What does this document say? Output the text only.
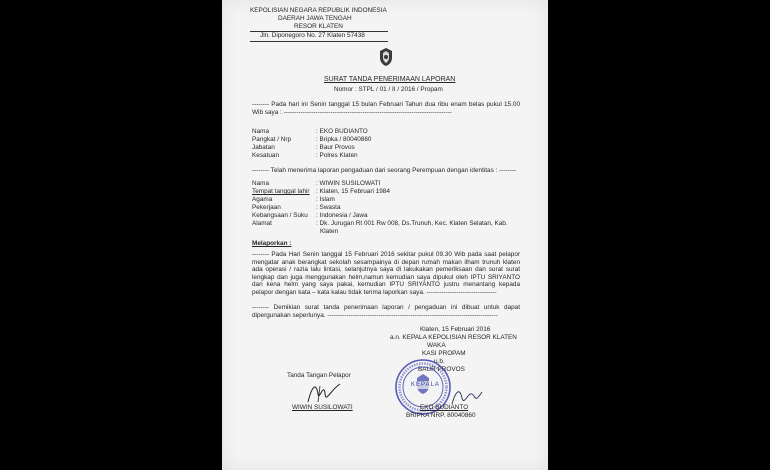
KEPOLISIAN NEGARA REPUBLIK INDONESIA
DAERAH JAWA TENGAH
RESOR KLATEN
Jln. Diponegoro No. 27 Klaten 57438
SURAT TANDA PENERIMAAN LAPORAN
Nomor : STPL / 01 / II / 2016 / Propam
-------- Pada hari ini Senin tanggal 15 bulan Februari Tahun dua ribu enam belas pukul 15.00 Wib saya : -------------------------------------------------------------------------------
Nama	: EKO BUDIANTO
Pangkat / Nrp	: Bripka / 80040860
Jabatan	: Baur Provos
Kesatuan	: Polres Klaten
-------- Telah menerima laporan pengaduan dari seorang Perempuan dengan identitas : --------
Nama	: WIWIN SUSILOWATI
Tempat tanggal lahir : Klaten, 15 Februari 1984
Agama	: Islam
Pekerjaan	: Swasta
Kebangsaan / Suku : Indonesia / Jawa
Alamat	: Dk. Jurugan Rt 001 Rw 008, Ds.Trunuh, Kec. Klaten Selatan, Kab.
Klaten
Melaporkan :
-------- Pada Hari Senin tanggal 15 Februari 2016 sekitar pukul 09.30 Wib pada saat pelapor mengatar anak berangkat sekolah sesampainya di depan rumah makan ilham trunuh klaten ada operasi / razia lalu lintasi, selanjutnya saya di lakukakan pemeriksaan dan surat surat lengkap dan juga menggunakan helm,namun kemudian saya dipukul oleh IPTU SRIYANTO dan kena helm yang saya pakai, kemudian IPTU SRIYANTO justru menantang kepada pelapor dengan kata – kata kalau tidak terima laporkan saya. ---------------------------------
-------- Demikian surat tanda penerimaan laporan / pengaduan ini dibuat untuk dapat dipergunakan seperlunya. --------------------------------------------------------------------------------
Klaten, 15 Februari 2016
a.n. KEPALA KEPOLISIAN RESOR KLATEN
WAKA
KASI PROPAM
u.b.
BAUR PROVOS
KEPALA
EKO BUDIANTO
BRIPKA NRP. 80040860
Tanda Tangan Pelapor
WIWIN SUSILOWATI
